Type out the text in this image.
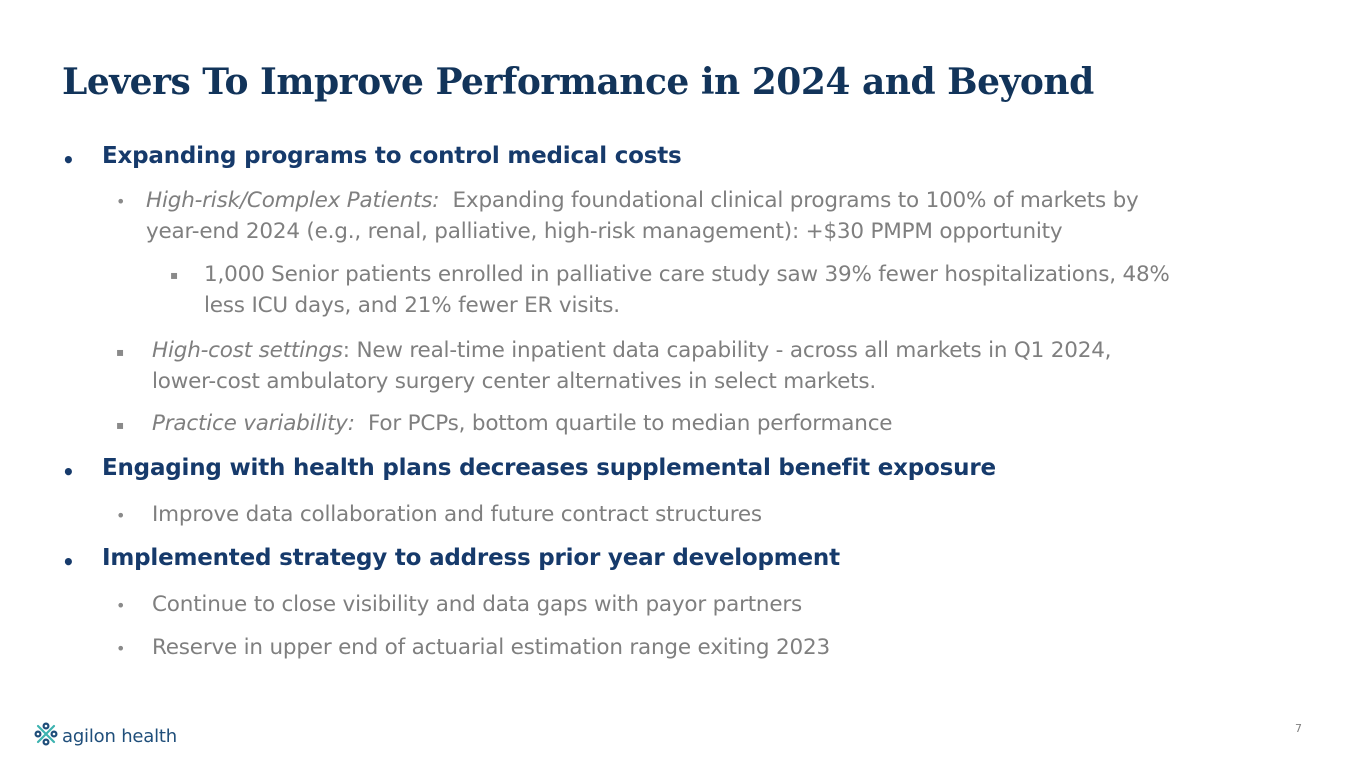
Levers To Improve Performance in 2024 and Beyond
• Expanding programs to control medical costs
• High-risk/Complex Patients:  Expanding foundational clinical programs to 100% of markets by
year-end 2024 (e.g., renal, palliative, high-risk management): +$30 PMPM opportunity
▪ 1,000 Senior patients enrolled in palliative care study saw 39% fewer hospitalizations, 48%
less ICU days, and 21% fewer ER visits.
▪ High-cost settings: New real-time inpatient data capability - across all markets in Q1 2024,
lower-cost ambulatory surgery center alternatives in select markets.
▪ Practice variability:  For PCPs, bottom quartile to median performance
• Engaging with health plans decreases supplemental benefit exposure
• Improve data collaboration and future contract structures
• Implemented strategy to address prior year development
• Continue to close visibility and data gaps with payor partners
• Reserve in upper end of actuarial estimation range exiting 2023
agilon health	7
